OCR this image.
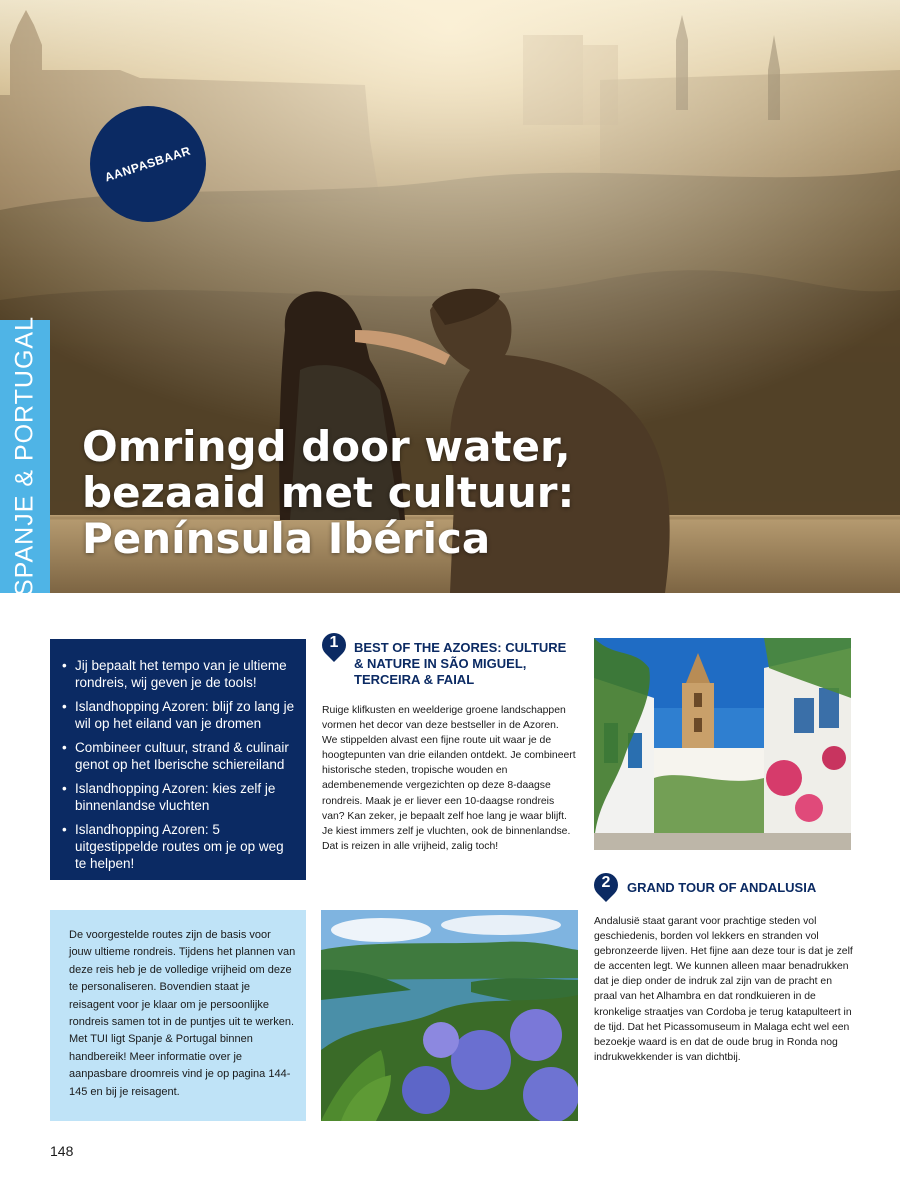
AANPASBAAR
Omringd door water,
bezaaid met cultuur:
Península Ibérica
SPANJE & PORTUGAL
• Jij bepaalt het tempo van je ultieme rondreis, wij geven je de tools!
• Islandhopping Azoren: blijf zo lang je wil op het eiland van je dromen
• Combineer cultuur, strand & culinair genot op het Iberische schiereiland
• Islandhopping Azoren: kies zelf je binnenlandse vluchten
• Islandhopping Azoren: 5 uitgestippelde routes om je op weg te helpen!
De voorgestelde routes zijn de basis voor jouw ultieme rondreis. Tijdens het plannen van deze reis heb je de volledige vrijheid om deze te personaliseren. Bovendien staat je reisagent voor je klaar om je persoonlijke rondreis samen tot in de puntjes uit te werken. Met TUI ligt Spanje & Portugal binnen handbereik! Meer informatie over je aanpasbare droomreis vind je op pagina 144-145 en bij je reisagent.
1	BEST OF THE AZORES: CULTURE & NATURE IN SÃO MIGUEL, TERCEIRA & FAIAL
Ruige klifkusten en weelderige groene landschappen vormen het decor van deze bestseller in de Azoren. We stippelden alvast een fijne route uit waar je de hoogtepunten van drie eilanden ontdekt. Je combineert historische steden, tropische wouden en adembenemende vergezichten op deze 8-daagse rondreis. Maak je er liever een 10-daagse rondreis van? Kan zeker, je bepaalt zelf hoe lang je waar blijft. Je kiest immers zelf je vluchten, ook de binnenlandse. Dat is reizen in alle vrijheid, zalig toch!
2	GRAND TOUR OF ANDALUSIA
Andalusië staat garant voor prachtige steden vol geschiedenis, borden vol lekkers en stranden vol gebronzeerde lijven. Het fijne aan deze tour is dat je zelf de accenten legt. We kunnen alleen maar benadrukken dat je diep onder de indruk zal zijn van de pracht en praal van het Alhambra en dat rondkuieren in de kronkelige straatjes van Cordoba je terug katapulteert in de tijd. Dat het Picassomuseum in Malaga echt wel een bezoekje waard is en dat de oude brug in Ronda nog indrukwekkender is van dichtbij.
148
